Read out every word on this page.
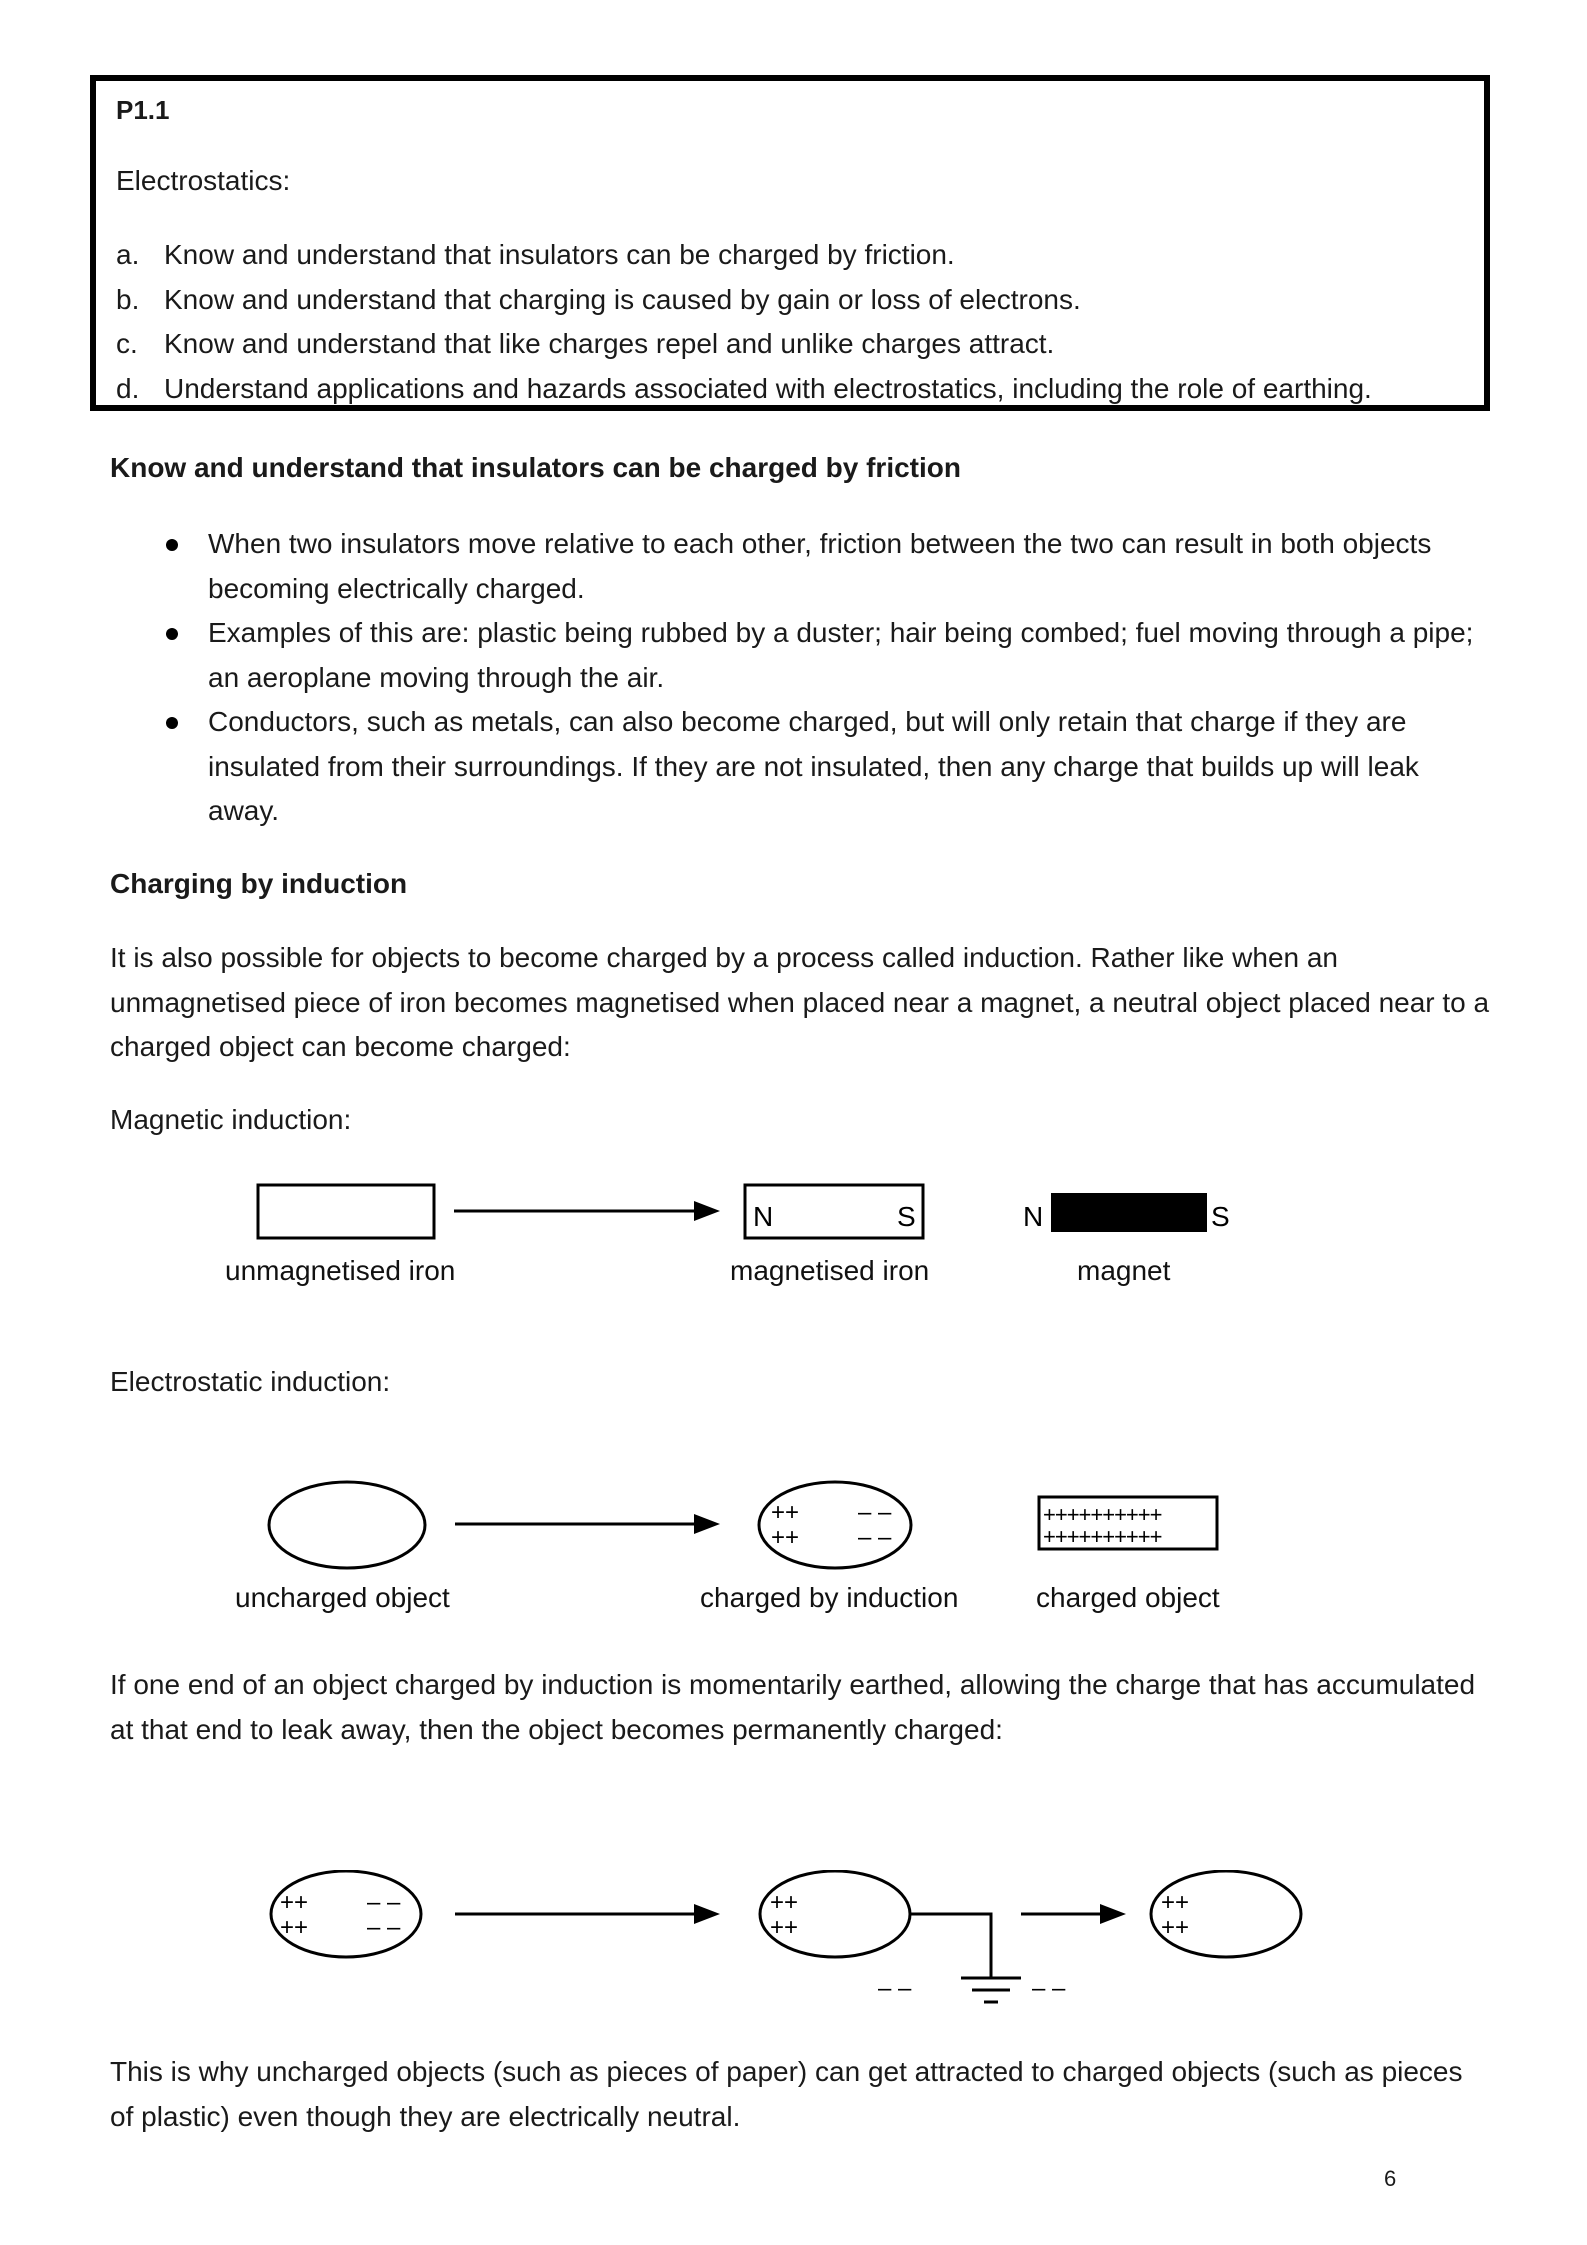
P1.1
Electrostatics:
a. Know and understand that insulators can be charged by friction.
b. Know and understand that charging is caused by gain or loss of electrons.
c. Know and understand that like charges repel and unlike charges attract.
d. Understand applications and hazards associated with electrostatics, including the role of earthing.
Know and understand that insulators can be charged by friction
When two insulators move relative to each other, friction between the two can result in both objects becoming electrically charged.
Examples of this are: plastic being rubbed by a duster; hair being combed; fuel moving through a pipe; an aeroplane moving through the air.
Conductors, such as metals, can also become charged, but will only retain that charge if they are insulated from their surroundings. If they are not insulated, then any charge that builds up will leak away.
Charging by induction
It is also possible for objects to become charged by a process called induction. Rather like when an unmagnetised piece of iron becomes magnetised when placed near a magnet, a neutral object placed near to a charged object can become charged:
Magnetic induction:
N	S	N	S
unmagnetised iron	magnetised iron	magnet
Electrostatic induction:
++
++
– –
– –
++++++++++
++++++++++
uncharged object	charged by induction	charged object
If one end of an object charged by induction is momentarily earthed, allowing the charge that has accumulated at that end to leak away, then the object becomes permanently charged:
++
++
– –
– –
++
++
– –	– –
++
++
This is why uncharged objects (such as pieces of paper) can get attracted to charged objects (such as pieces of plastic) even though they are electrically neutral.
6
